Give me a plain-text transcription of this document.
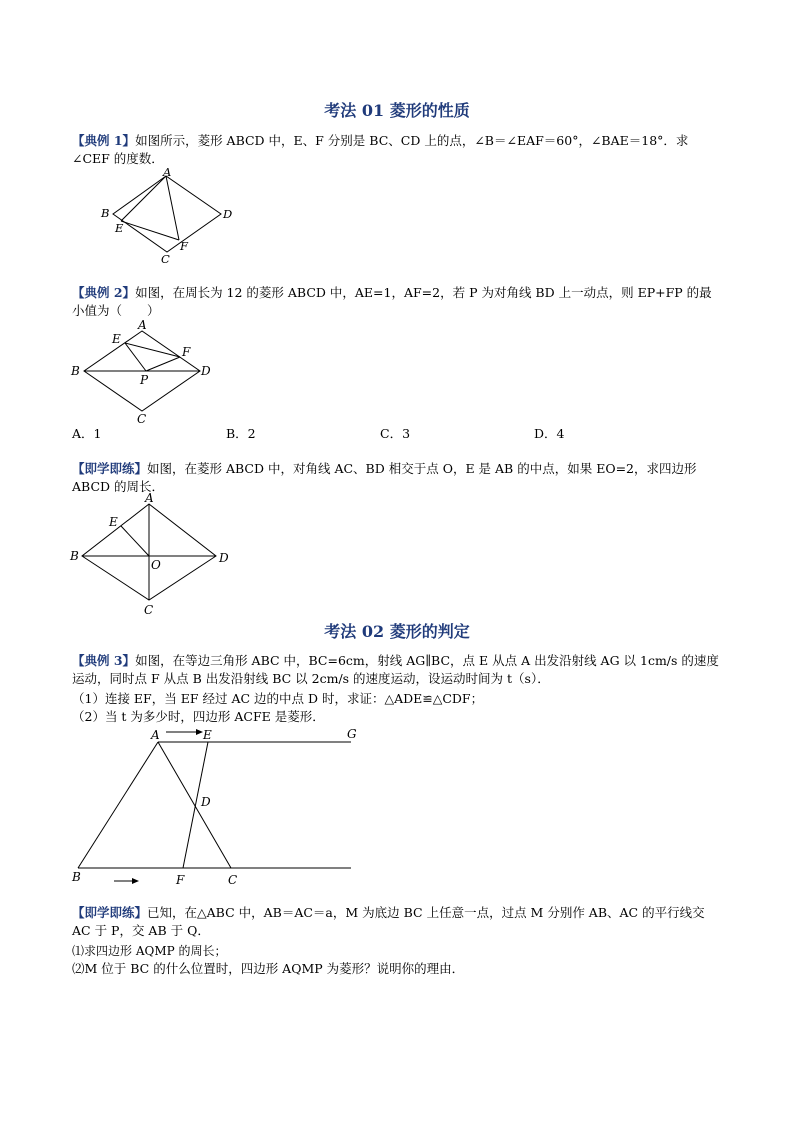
考法 01 菱形的性质
【典例 1】如图所示，菱形 ABCD 中，E、F 分别是 BC、CD 上的点，∠B＝∠EAF＝60°，∠BAE＝18°．求∠CEF 的度数．
A
B
C
D
E
F
【典例 2】如图，在周长为 12 的菱形 ABCD 中，AE=1，AF=2，若 P 为对角线 BD 上一动点，则 EP+FP 的最小值为（　　）
A
B
C
D
E
F
P
A．1	B．2	C．3	D．4
【即学即练】如图，在菱形 ABCD 中，对角线 AC、BD 相交于点 O，E 是 AB 的中点，如果 EO=2，求四边形 ABCD 的周长．
A
B
C
D
E
O
考法 02 菱形的判定
【典例 3】如图，在等边三角形 ABC 中，BC=6cm，射线 AG∥BC，点 E 从点 A 出发沿射线 AG 以 1cm/s 的速度运动，同时点 F 从点 B 出发沿射线 BC 以 2cm/s 的速度运动，设运动时间为 t（s）．
（1）连接 EF，当 EF 经过 AC 边的中点 D 时，求证：△ADE≌△CDF；
（2）当 t 为多少时，四边形 ACFE 是菱形．
A	E	G
D
B	F	C
【即学即练】已知，在△ABC 中，AB＝AC＝a，M 为底边 BC 上任意一点，过点 M 分别作 AB、AC 的平行线交 AC 于 P，交 AB 于 Q．
⑴求四边形 AQMP 的周长；
⑵M 位于 BC 的什么位置时，四边形 AQMP 为菱形？说明你的理由．
